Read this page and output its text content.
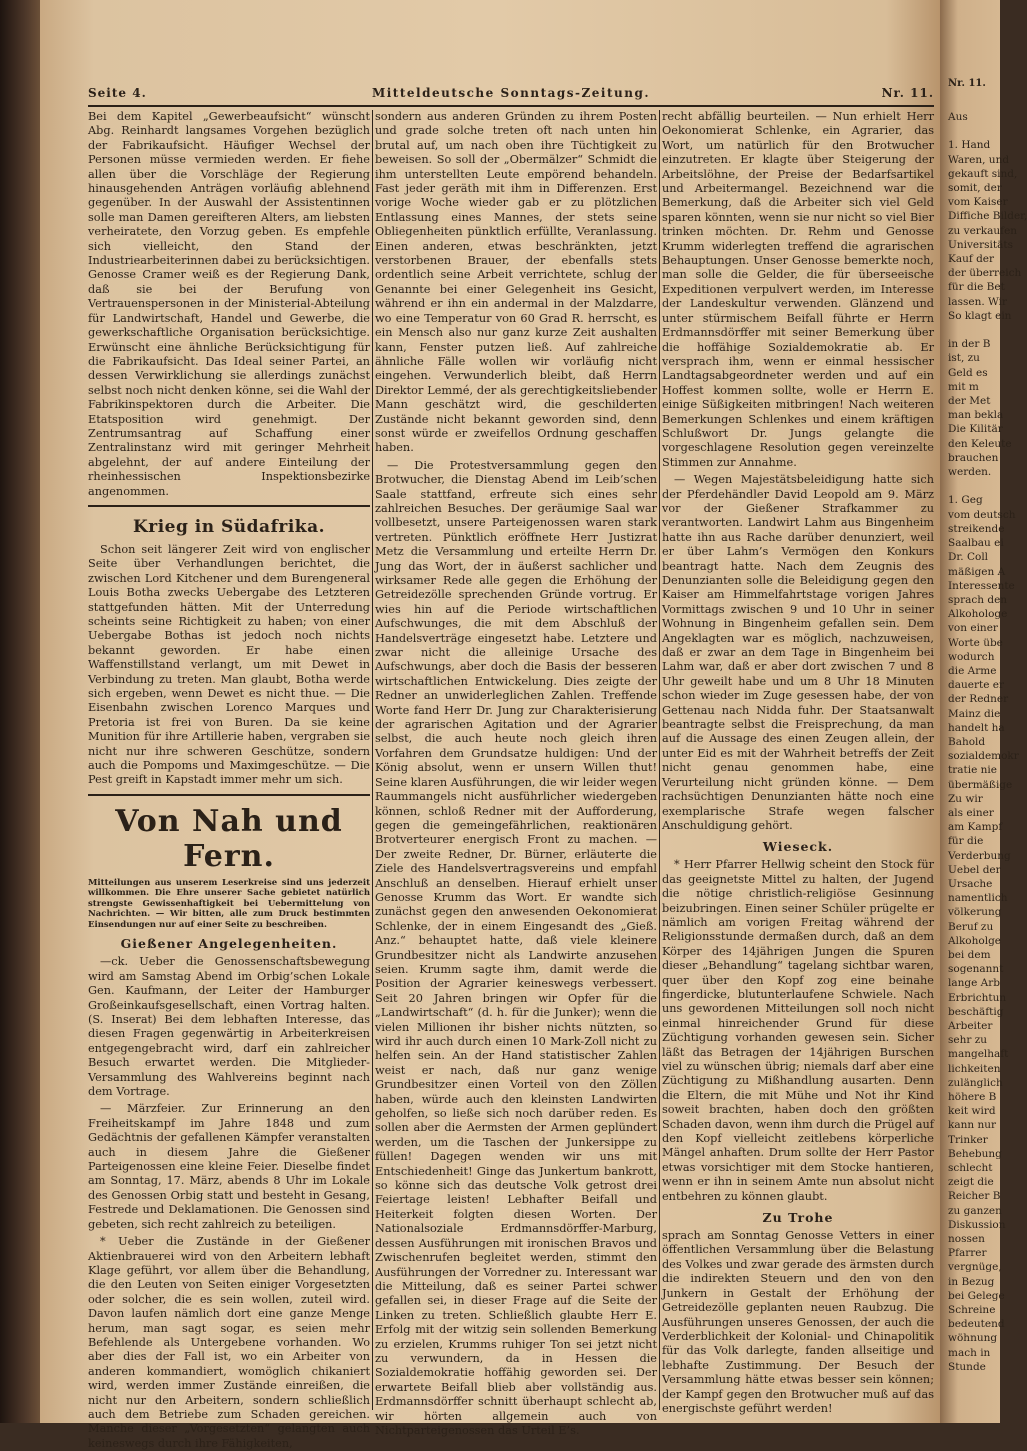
Seite 4.	Mitteldeutsche Sonntags-Zeitung.	Nr. 11.

Bei dem Kapitel „Gewerbeaufsicht“ wünscht Abg. Reinhardt langsames Vorgehen bezüglich der Fabrikaufsicht. Häufiger Wechsel der Personen müsse vermieden werden. Er fiehe allen über die Vorschläge der Regierung hinausgehenden Anträgen vorläufig ablehnend gegenüber. In der Auswahl der Assistentinnen solle man Damen gereifteren Alters, am liebsten verheiratete, den Vorzug geben. Es empfehle sich vielleicht, den Stand der Industriearbeiterinnen dabei zu berücksichtigen. Genosse Cramer weiß es der Regierung Dank, daß sie bei der Berufung von Vertrauenspersonen in der Ministerial-Abteilung für Landwirtschaft, Handel und Gewerbe, die gewerkschaftliche Organisation berücksichtige. Erwünscht eine ähnliche Berücksichtigung für die Fabrikaufsicht. Das Ideal seiner Partei, an dessen Verwirklichung sie allerdings zunächst selbst noch nicht denken könne, sei die Wahl der Fabrikinspektoren durch die Arbeiter. Die Etatsposition wird genehmigt. Der Zentrumsantrag auf Schaffung einer Zentralinstanz wird mit geringer Mehrheit abgelehnt, der auf andere Einteilung der rheinhessischen Inspektionsbezirke angenommen.

Krieg in Südafrika.

Schon seit längerer Zeit wird von englischer Seite über Verhandlungen berichtet, die zwischen Lord Kitchener und dem Burengeneral Louis Botha zwecks Uebergabe des Letzteren stattgefunden hätten. Mit der Unterredung scheints seine Richtigkeit zu haben; von einer Uebergabe Bothas ist jedoch noch nichts bekannt geworden. Er habe einen Waffenstillstand verlangt, um mit Dewet in Verbindung zu treten. Man glaubt, Botha werde sich ergeben, wenn Dewet es nicht thue. — Die Eisenbahn zwischen Lorenco Marques und Pretoria ist frei von Buren. Da sie keine Munition für ihre Artillerie haben, vergraben sie nicht nur ihre schweren Geschütze, sondern auch die Pompoms und Maximgeschütze. — Die Pest greift in Kapstadt immer mehr um sich.

Von Nah und Fern.

Mitteilungen aus unserem Leserkreise sind uns jederzeit willkommen. Die Ehre unserer Sache gebietet natürlich strengste Gewissenhaftigkeit bei Uebermittelung von Nachrichten. — Wir bitten, alle zum Druck bestimmten Einsendungen nur auf einer Seite zu beschreiben.

Gießener Angelegenheiten.

—ck. Ueber die Genossenschaftsbewegung wird am Samstag Abend im Orbig’schen Lokale Gen. Kaufmann, der Leiter der Hamburger Großeinkaufsgesellschaft, einen Vortrag halten. (S. Inserat) Bei dem lebhaften Interesse, das diesen Fragen gegenwärtig in Arbeiterkreisen entgegengebracht wird, darf ein zahlreicher Besuch erwartet werden. Die Mitglieder-Versammlung des Wahlvereins beginnt nach dem Vortrage.

— Märzfeier. Zur Erinnerung an den Freiheitskampf im Jahre 1848 und zum Gedächtnis der gefallenen Kämpfer veranstalten auch in diesem Jahre die Gießener Parteigenossen eine kleine Feier. Dieselbe findet am Sonntag, 17. März, abends 8 Uhr im Lokale des Genossen Orbig statt und besteht in Gesang, Festrede und Deklamationen. Die Genossen sind gebeten, sich recht zahlreich zu beteiligen.

* Ueber die Zustände in der Gießener Aktienbrauerei wird von den Arbeitern lebhaft Klage geführt, vor allem über die Behandlung, die den Leuten von Seiten einiger Vorgesetzten oder solcher, die es sein wollen, zuteil wird. Davon laufen nämlich dort eine ganze Menge herum, man sagt sogar, es seien mehr Befehlende als Untergebene vorhanden. Wo aber dies der Fall ist, wo ein Arbeiter von anderen kommandiert, womöglich chikaniert wird, werden immer Zustände einreißen, die nicht nur den Arbeitern, sondern schließlich auch dem Betriebe zum Schaden gereichen. Manche dieser „Vorgesetzten“ gelangten auch keineswegs durch ihre Fähigkeiten,

sondern aus anderen Gründen zu ihrem Posten und grade solche treten oft nach unten hin brutal auf, um nach oben ihre Tüchtigkeit zu beweisen. So soll der „Obermälzer“ Schmidt die ihm unterstellten Leute empörend behandeln. Fast jeder geräth mit ihm in Differenzen. Erst vorige Woche wieder gab er zu plötzlichen Entlassung eines Mannes, der stets seine Obliegenheiten pünktlich erfüllte, Veranlassung. Einen anderen, etwas beschränkten, jetzt verstorbenen Brauer, der ebenfalls stets ordentlich seine Arbeit verrichtete, schlug der Genannte bei einer Gelegenheit ins Gesicht, während er ihn ein andermal in der Malzdarre, wo eine Temperatur von 60 Grad R. herrscht, es ein Mensch also nur ganz kurze Zeit aushalten kann, Fenster putzen ließ. Auf zahlreiche ähnliche Fälle wollen wir vorläufig nicht eingehen. Verwunderlich bleibt, daß Herrn Direktor Lemmé, der als gerechtigkeitsliebender Mann geschätzt wird, die geschilderten Zustände nicht bekannt geworden sind, denn sonst würde er zweifellos Ordnung geschaffen haben.

— Die Protestversammlung gegen den Brotwucher, die Dienstag Abend im Leib’schen Saale stattfand, erfreute sich eines sehr zahlreichen Besuches. Der geräumige Saal war vollbesetzt, unsere Parteigenossen waren stark vertreten. Pünktlich eröffnete Herr Justizrat Metz die Versammlung und erteilte Herrn Dr. Jung das Wort, der in äußerst sachlicher und wirksamer Rede alle gegen die Erhöhung der Getreidezölle sprechenden Gründe vortrug. Er wies hin auf die Periode wirtschaftlichen Aufschwunges, die mit dem Abschluß der Handelsverträge eingesetzt habe. Letztere und zwar nicht die alleinige Ursache des Aufschwungs, aber doch die Basis der besseren wirtschaftlichen Entwickelung. Dies zeigte der Redner an unwiderleglichen Zahlen. Treffende Worte fand Herr Dr. Jung zur Charakterisierung der agrarischen Agitation und der Agrarier selbst, die auch heute noch gleich ihren Vorfahren dem Grundsatze huldigen: Und der König absolut, wenn er unsern Willen thut! Seine klaren Ausführungen, die wir leider wegen Raummangels nicht ausführlicher wiedergeben können, schloß Redner mit der Aufforderung, gegen die gemeingefährlichen, reaktionären Brotverteurer energisch Front zu machen. — Der zweite Redner, Dr. Bürner, erläuterte die Ziele des Handelsvertragsvereins und empfahl Anschluß an denselben. Hierauf erhielt unser Genosse Krumm das Wort. Er wandte sich zunächst gegen den anwesenden Oekonomierat Schlenke, der in einem Eingesandt des „Gieß. Anz.“ behauptet hatte, daß viele kleinere Grundbesitzer nicht als Landwirte anzusehen seien. Krumm sagte ihm, damit werde die Position der Agrarier keineswegs verbessert. Seit 20 Jahren bringen wir Opfer für die „Landwirtschaft“ (d. h. für die Junker); wenn die vielen Millionen ihr bisher nichts nützten, so wird ihr auch durch einen 10 Mark-Zoll nicht zu helfen sein. An der Hand statistischer Zahlen weist er nach, daß nur ganz wenige Grundbesitzer einen Vorteil von den Zöllen haben, würde auch den kleinsten Landwirten geholfen, so ließe sich noch darüber reden. Es sollen aber die Aermsten der Armen geplündert werden, um die Taschen der Junkersippe zu füllen! Dagegen wenden wir uns mit Entschiedenheit! Ginge das Junkertum bankrott, so könne sich das deutsche Volk getrost drei Feiertage leisten! Lebhafter Beifall und Heiterkeit folgten diesen Worten. Der Nationalsoziale Erdmannsdörffer-Marburg, dessen Ausführungen mit ironischen Bravos und Zwischenrufen begleitet werden, stimmt den Ausführungen der Vorredner zu. Interessant war die Mitteilung, daß es seiner Partei schwer gefallen sei, in dieser Frage auf die Seite der Linken zu treten. Schließlich glaubte Herr E. Erfolg mit der witzig sein sollenden Bemerkung zu erzielen, Krumms ruhiger Ton sei jetzt nicht zu verwundern, da in Hessen die Sozialdemokratie hoffähig geworden sei. Der erwartete Beifall blieb aber vollständig aus. Erdmannsdörffer schnitt überhaupt schlecht ab, wir hörten allgemein auch von Nichtparteigenossen das Urteil E’s.

recht abfällig beurteilen. — Nun erhielt Herr Oekonomierat Schlenke, ein Agrarier, das Wort, um natürlich für den Brotwucher einzutreten. Er klagte über Steigerung der Arbeitslöhne, der Preise der Bedarfsartikel und Arbeitermangel. Bezeichnend war die Bemerkung, daß die Arbeiter sich viel Geld sparen könnten, wenn sie nur nicht so viel Bier trinken möchten. Dr. Rehm und Genosse Krumm widerlegten treffend die agrarischen Behauptungen. Unser Genosse bemerkte noch, man solle die Gelder, die für überseeische Expeditionen verpulvert werden, im Interesse der Landeskultur verwenden. Glänzend und unter stürmischem Beifall führte er Herrn Erdmannsdörffer mit seiner Bemerkung über die hoffähige Sozialdemokratie ab. Er versprach ihm, wenn er einmal hessischer Landtagsabgeordneter werden und auf ein Hoffest kommen sollte, wolle er Herrn E. einige Süßigkeiten mitbringen! Nach weiteren Bemerkungen Schlenkes und einem kräftigen Schlußwort Dr. Jungs gelangte die vorgeschlagene Resolution gegen vereinzelte Stimmen zur Annahme.

— Wegen Majestätsbeleidigung hatte sich der Pferdehändler David Leopold am 9. März vor der Gießener Strafkammer zu verantworten. Landwirt Lahm aus Bingenheim hatte ihn aus Rache darüber denunziert, weil er über Lahm’s Vermögen den Konkurs beantragt hatte. Nach dem Zeugnis des Denunzianten solle die Beleidigung gegen den Kaiser am Himmelfahrtstage vorigen Jahres Vormittags zwischen 9 und 10 Uhr in seiner Wohnung in Bingenheim gefallen sein. Dem Angeklagten war es möglich, nachzuweisen, daß er zwar an dem Tage in Bingenheim bei Lahm war, daß er aber dort zwischen 7 und 8 Uhr geweilt habe und um 8 Uhr 18 Minuten schon wieder im Zuge gesessen habe, der von Gettenau nach Nidda fuhr. Der Staatsanwalt beantragte selbst die Freisprechung, da man auf die Aussage des einen Zeugen allein, der unter Eid es mit der Wahrheit betreffs der Zeit nicht genau genommen habe, eine Verurteilung nicht gründen könne. — Dem rachsüchtigen Denunzianten hätte noch eine exemplarische Strafe wegen falscher Anschuldigung gehört.

Wieseck.

* Herr Pfarrer Hellwig scheint den Stock für das geeignetste Mittel zu halten, der Jugend die nötige christlich-religiöse Gesinnung beizubringen. Einen seiner Schüler prügelte er nämlich am vorigen Freitag während der Religionsstunde dermaßen durch, daß an dem Körper des 14jährigen Jungen die Spuren dieser „Behandlung“ tagelang sichtbar waren, quer über den Kopf zog eine beinahe fingerdicke, blutunterlaufene Schwiele. Nach uns gewordenen Mitteilungen soll noch nicht einmal hinreichender Grund für diese Züchtigung vorhanden gewesen sein. Sicher läßt das Betragen der 14jährigen Burschen viel zu wünschen übrig; niemals darf aber eine Züchtigung zu Mißhandlung ausarten. Denn die Eltern, die mit Mühe und Not ihr Kind soweit brachten, haben doch den größten Schaden davon, wenn ihm durch die Prügel auf den Kopf vielleicht zeitlebens körperliche Mängel anhaften. Drum sollte der Herr Pastor etwas vorsichtiger mit dem Stocke hantieren, wenn er ihn in seinem Amte nun absolut nicht entbehren zu können glaubt.

Zu Trohe

sprach am Sonntag Genosse Vetters in einer öffentlichen Versammlung über die Belastung des Volkes und zwar gerade des ärmsten durch die indirekten Steuern und den von den Junkern in Gestalt der Erhöhung der Getreidezölle geplanten neuen Raubzug. Die Ausführungen unseres Genossen, der auch die Verderblichkeit der Kolonial- und Chinapolitik für das Volk darlegte, fanden allseitige und lebhafte Zustimmung. Der Besuch der Versammlung hätte etwas besser sein können; der Kampf gegen den Brotwucher muß auf das energischste geführt werden!

Nr. 11.
Aus

1. Hand
Waren, und
gekauft sind,
somit, der
vom Kaiser
Diffiche Bilder,
zu verkaufen
Universitäts
Kauf der
der überreich
für die Bet
lassen. Wir
So klagt ein

in der B
ist, zu
Geld es
mit m
der Met
man bekla
Die Kilitär
den Keleute
brauchen
werden.

1. Geg
vom deutsch
streikende
Saalbau ei
Dr. Coll
mäßigen A
Interessente
sprach den
Alkohologe
von einer
Worte übe
wodurch
die Arme
dauerte er
der Redner
Mainz die
handelt ha
Bahold
sozialdemokr
tratie nie
übermäßige
Zu wir
als einer
am Kampf
für die
Verderbung
Uebel der
Ursache
namentlich
völkerung
Beruf zu
Alkoholge
bei dem
sogenannt
lange Arb
Erbrichtun
beschäftig
Arbeiter
sehr zu
mangelhaft
lichkeiten
zulänglich
höhere B
keit wird
kann nur
Trinker
Behebung
schlecht
zeigt die
Reicher B
zu ganzen
Diskussion
nossen
Pfarrer
vergnüge,
in Bezug
bei Gelege
Schreine
bedeutend
wöhnung
mach in
Stunde
